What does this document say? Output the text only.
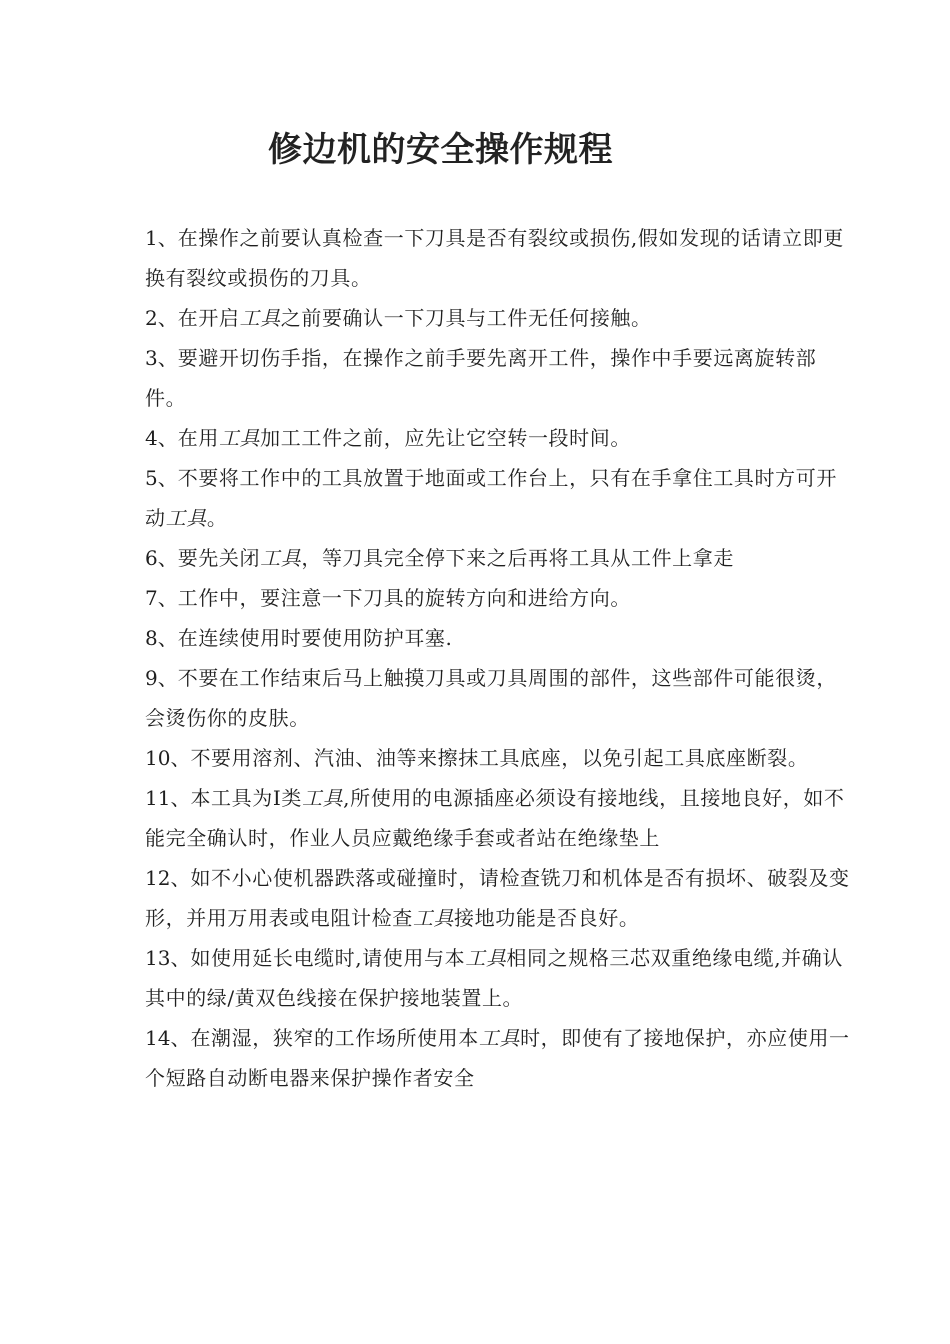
修边机的安全操作规程
1、在操作之前要认真检查一下刀具是否有裂纹或损伤,假如发现的话请立即更换有裂纹或损伤的刀具。
2、在开启工具之前要确认一下刀具与工件无任何接触。
3、要避开切伤手指，在操作之前手要先离开工件，操作中手要远离旋转部件。
4、在用工具加工工件之前，应先让它空转一段时间。
5、不要将工作中的工具放置于地面或工作台上，只有在手拿住工具时方可开动工具。
6、要先关闭工具，等刀具完全停下来之后再将工具从工件上拿走
7、工作中，要注意一下刀具的旋转方向和进给方向。
8、在连续使用时要使用防护耳塞.
9、不要在工作结束后马上触摸刀具或刀具周围的部件，这些部件可能很烫，会烫伤你的皮肤。
10、不要用溶剂、汽油、油等来擦抹工具底座，以免引起工具底座断裂。
11、本工具为Ⅰ类工具,所使用的电源插座必须设有接地线，且接地良好，如不能完全确认时，作业人员应戴绝缘手套或者站在绝缘垫上
12、如不小心使机器跌落或碰撞时，请检查铣刀和机体是否有损坏、破裂及变形，并用万用表或电阻计检查工具接地功能是否良好。
13、如使用延长电缆时,请使用与本工具相同之规格三芯双重绝缘电缆,并确认其中的绿/黄双色线接在保护接地装置上。
14、在潮湿，狭窄的工作场所使用本工具时，即使有了接地保护，亦应使用一个短路自动断电器来保护操作者安全
